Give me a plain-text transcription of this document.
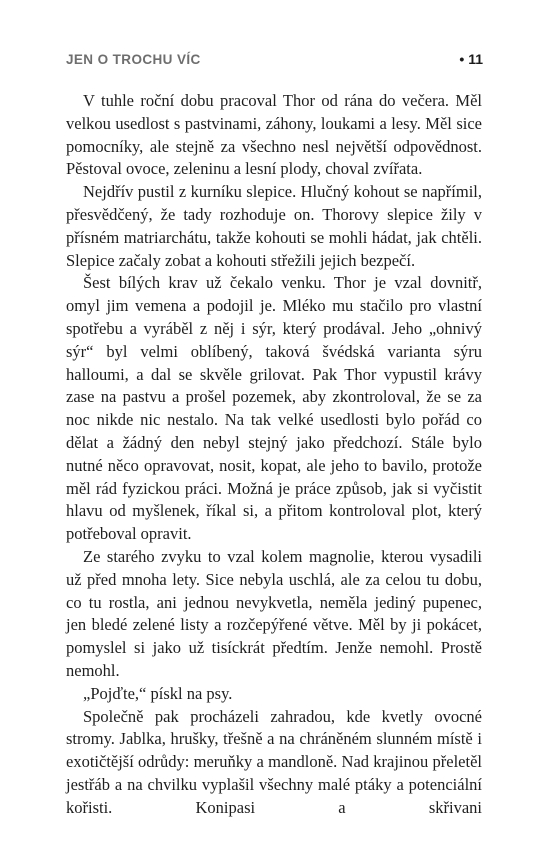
JEN O TROCHU VÍC	• 11

V tuhle roční dobu pracoval Thor od rána do večera. Měl velkou usedlost s pastvinami, záhony, loukami a lesy. Měl sice pomocníky, ale stejně za všechno nesl největší odpovědnost. Pěstoval ovoce, zeleninu a lesní plody, choval zvířata.

Nejdřív pustil z kurníku slepice. Hlučný kohout se napřímil, přesvědčený, že tady rozhoduje on. Thorovy slepice žily v přísném matriarchátu, takže kohouti se mohli hádat, jak chtěli. Slepice začaly zobat a kohouti střežili jejich bezpečí.

Šest bílých krav už čekalo venku. Thor je vzal dovnitř, omyl jim vemena a podojil je. Mléko mu stačilo pro vlastní spotřebu a vyráběl z něj i sýr, který prodával. Jeho „ohnivý sýr“ byl velmi oblíbený, taková švédská varianta sýru halloumi, a dal se skvěle grilovat. Pak Thor vypustil krávy zase na pastvu a prošel pozemek, aby zkontroloval, že se za noc nikde nic nestalo. Na tak velké usedlosti bylo pořád co dělat a žádný den nebyl stejný jako předchozí. Stále bylo nutné něco opravovat, nosit, kopat, ale jeho to bavilo, protože měl rád fyzickou práci. Možná je práce způsob, jak si vyčistit hlavu od myšlenek, říkal si, a přitom kontroloval plot, který potřeboval opravit.

Ze starého zvyku to vzal kolem magnolie, kterou vysadili už před mnoha lety. Sice nebyla uschlá, ale za celou tu dobu, co tu rostla, ani jednou nevykvetla, neměla jediný pupenec, jen bledé zelené listy a rozčepýřené větve. Měl by ji pokácet, pomyslel si jako už tisíckrát předtím. Jenže nemohl. Prostě nemohl.

„Pojďte,“ pískl na psy.

Společně pak procházeli zahradou, kde kvetly ovocné stromy. Jablka, hrušky, třešně a na chráněném slunném místě i exotičtější odrůdy: meruňky a mandloně. Nad krajinou přeletěl jestřáb a na chvilku vyplašil všechny malé ptáky a potenciální kořisti. Konipasi a skřivani
